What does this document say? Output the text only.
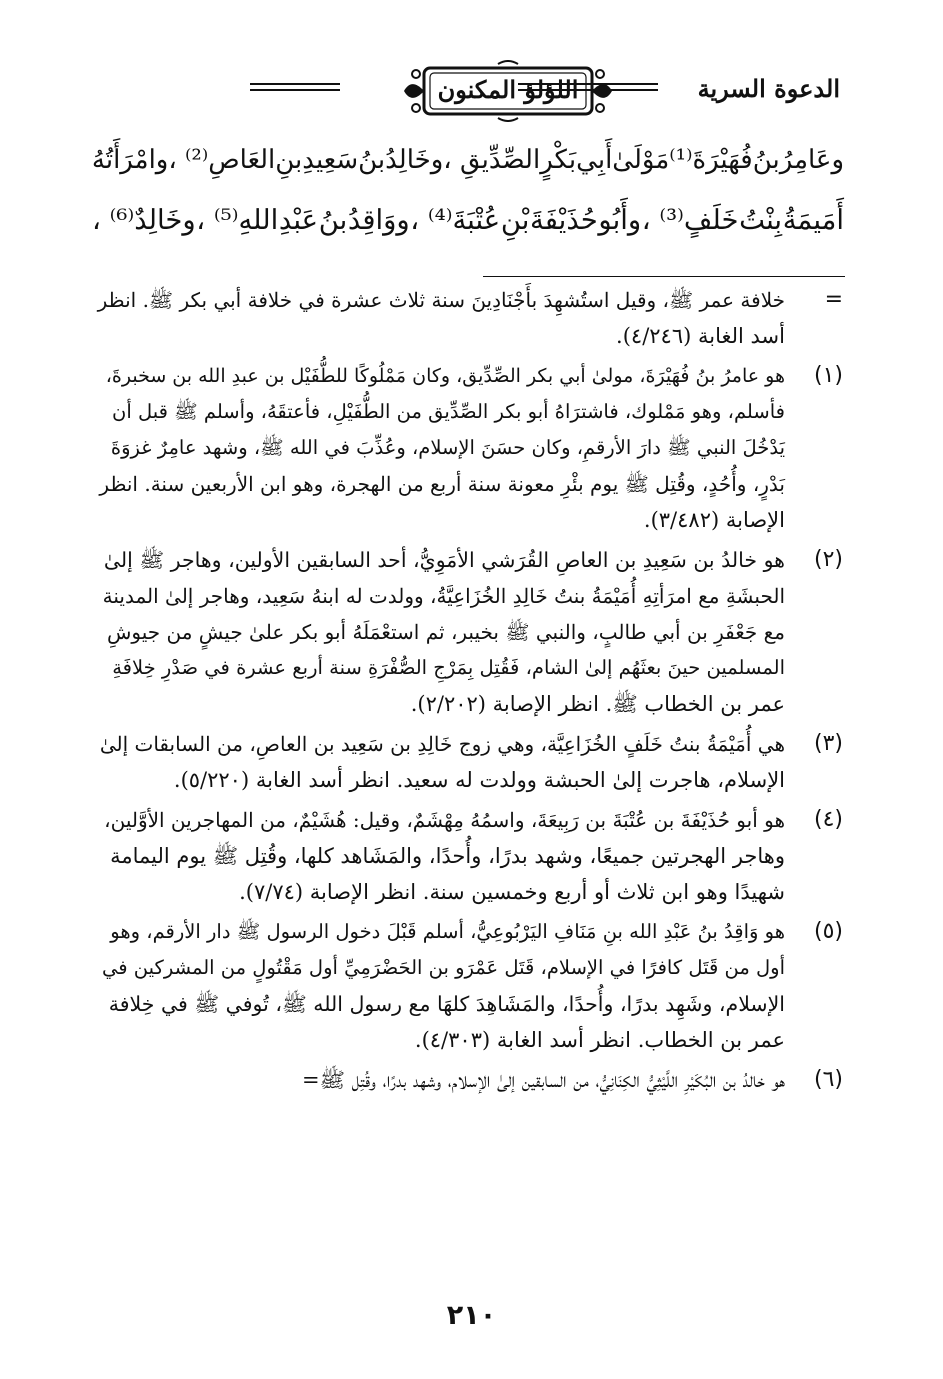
الدعوة السرية
اللؤلؤ المكنون
وعَامِرُ
بنُ
فُهَيْرَةَ⁽¹⁾
مَوْلَىٰ
أَبِي
بَكْرٍ
الصِّدِّيقِ ،
وخَالِدُ
بنُ
سَعِيدِ
بنِ
العَاصِ⁽²⁾ ،
وامْرَأَتُهُ
أَمَيمَةُ
بِنْتُ
خَلَفٍ⁽³⁾ ،
وأَبُو
حُذَيْفَةَ
بْنِ
عُتْبَةَ⁽⁴⁾ ،
ووَاقِدُ
بنُ
عَبْدِ
اللهِ⁽⁵⁾ ،
وخَالِدٌ⁽⁶⁾ ،
=
خلافة عمر ﷺ، وقيل استُشهِدَ بأَجْنَادِينَ سنة ثلاث عشرة في خلافة أبي بكر ﷺ. انظر
أسد الغابة (٤/٢٤٦).
(١)
هو عامرُ بنُ فُهَيْرَةَ، مولىٰ أبي بكر الصِّدِّيق، وكان مَمْلُوكًا للطُّفَيْل بن عبدِ الله بن سخبرةَ،
فأسلم، وهو مَمْلوك، فاشترَاهُ أبو بكر الصِّدِّيق من الطُّفَيْلِ، فأعتقَهُ، وأسلم ﷺ قبل أن
يَدْخُلَ النبي ﷺ دارَ الأرقمِ، وكان حسَنَ الإسلام، وعُذِّبَ في الله ﷺ، وشهد عامِرٌ غزوَةَ
بَدْرٍ، وأُحُدٍ، وقُتِل ﷺ يوم بئْرِ معونة سنة أربع من الهجرة، وهو ابن الأربعين سنة. انظر
الإصابة (٣/٤٨٢).
(٢)
هو خالدُ بن سَعِيدِ بن العاصِ القُرَشي الأمَوِيُّ، أحد السابقين الأولين، وهاجر ﷺ إلىٰ
الحبشَةِ مع امرَأتِهِ أُمَيْمَةُ بنتُ خَالِدِ الخُزَاعِيَّةُ، وولدت له ابنهُ سَعِيد، وهاجر إلىٰ المدينة
مع جَعْفَرِ بن أبي طالبٍ، والنبي ﷺ بخيبر، ثم استعْمَلَهُ أبو بكر علىٰ جيشٍ من جيوشِ
المسلمين حينَ بعثَهُم إلىٰ الشام، فَقُتِل بِمَرْجِ الصُّفْرَةِ سنة أربع عشرة في صَدْرِ خِلافَةِ
عمر بن الخطاب ﷺ. انظر الإصابة (٢/٢٠٢).
(٣)
هي أُمَيْمَةُ بنتُ خَلَفٍ الخُزَاعِيَّة، وهي زوج خَالِدِ بن سَعِيد بن العاصِ، من السابقات إلىٰ
الإسلام، هاجرت إلىٰ الحبشة وولدت له سعيد. انظر أسد الغابة (٥/٢٢٠).
(٤)
هو أبو حُذَيْفَةَ بن عُتْبَةَ بن رَبِيعَةَ، واسمُهُ مِهْشَمٌ، وقيل: هُشَيْمٌ، من المهاجرين الأوَّلين،
وهاجر الهجرتين جميعًا، وشهد بدرًا، وأُحدًا، والمَشَاهد كلها، وقُتِل ﷺ يوم اليمامة
شهيدًا وهو ابن ثلاث أو أربع وخمسين سنة. انظر الإصابة (٧/٧٤).
(٥)
هو وَاقِدُ بنُ عَبْدِ الله بنِ مَنَافِ اليَرْبُوعِيُّ، أسلم قَبْلَ دخول الرسول ﷺ دار الأرقم، وهو
أول من قَتَل كافرًا في الإسلام، قَتَل عَمْرَو بن الحَضْرَمِيِّ أول مَقْتُولٍ من المشركين في
الإسلام، وشَهِد بدرًا، وأُحدًا، والمَشَاهِدَ كلهَا مع رسول الله ﷺ، تُوفي ﷺ في خِلافة
عمر بن الخطاب. انظر أسد الغابة (٤/٣٠٣).
(٦)
هو خالدُ بن البُكَيْرِ اللَّيْثِيُّ الكِنَانِيُّ، من السابقين إلىٰ الإسلام، وشهد بدرًا، وقُتِل ﷺ=
٢١٠
